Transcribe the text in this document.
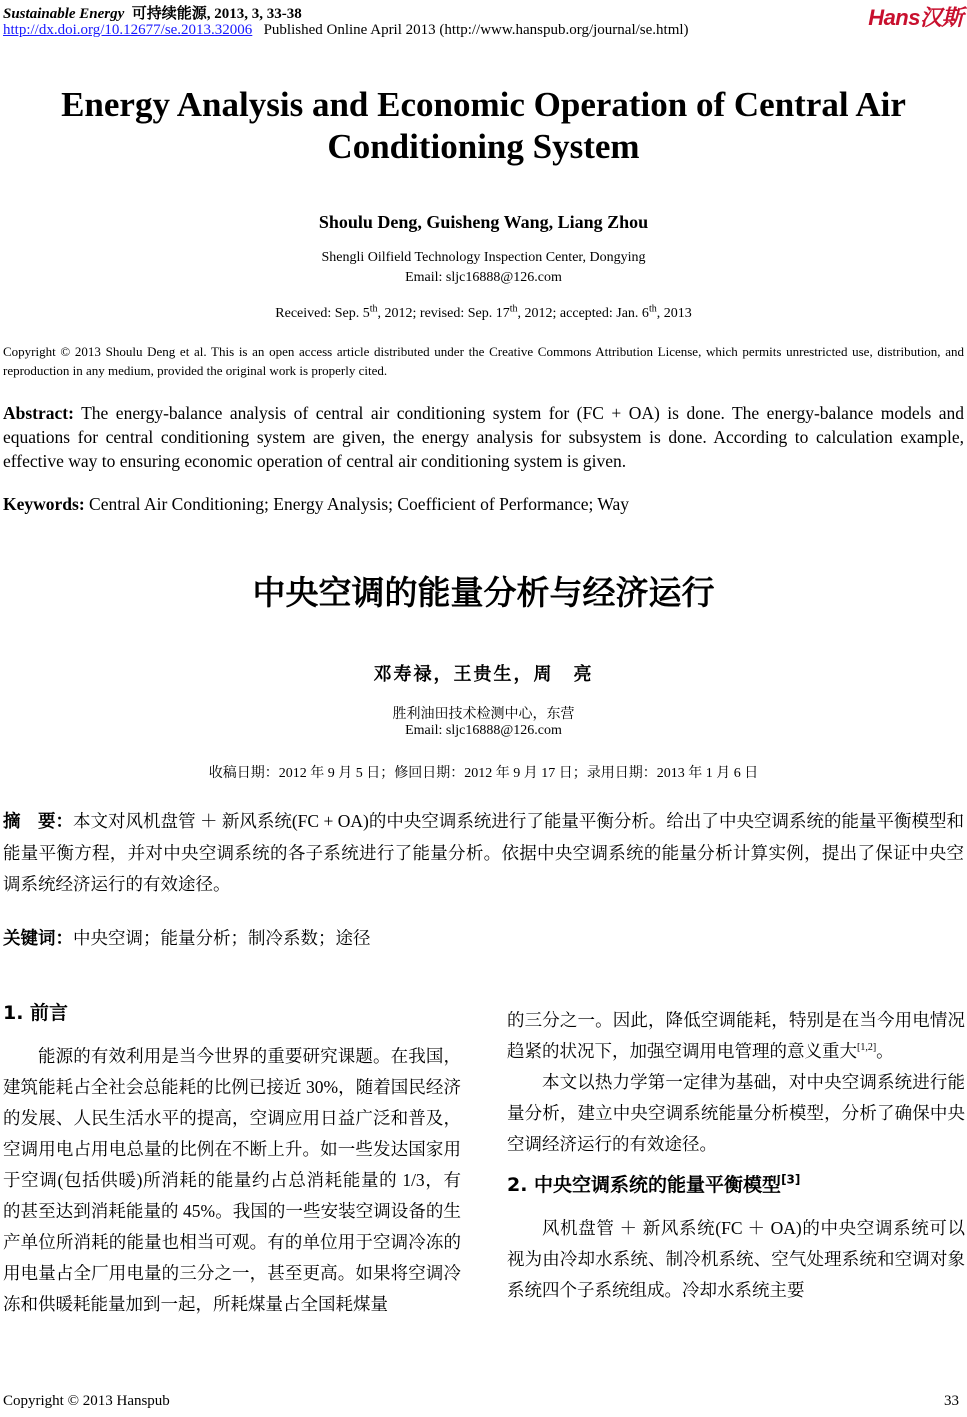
Sustainable Energy 可持续能源, 2013, 3, 33-38
http://dx.doi.org/10.12677/se.2013.32006 Published Online April 2013 (http://www.hanspub.org/journal/se.html)	Hans汉斯
Energy Analysis and Economic Operation of Central Air Conditioning System
Shoulu Deng, Guisheng Wang, Liang Zhou
Shengli Oilfield Technology Inspection Center, Dongying
Email: sljc16888@126.com
Received: Sep. 5th, 2012; revised: Sep. 17th, 2012; accepted: Jan. 6th, 2013
Copyright © 2013 Shoulu Deng et al. This is an open access article distributed under the Creative Commons Attribution License, which permits unrestricted use, distribution, and reproduction in any medium, provided the original work is properly cited.
Abstract: The energy-balance analysis of central air conditioning system for (FC + OA) is done. The energy-balance models and equations for central conditioning system are given, the energy analysis for subsystem is done. According to calculation example, effective way to ensuring economic operation of central air conditioning system is given.
Keywords: Central Air Conditioning; Energy Analysis; Coefficient of Performance; Way
中央空调的能量分析与经济运行
邓寿禄，王贵生，周　亮
胜利油田技术检测中心，东营
Email: sljc16888@126.com
收稿日期：2012 年 9 月 5 日；修回日期：2012 年 9 月 17 日；录用日期：2013 年 1 月 6 日
摘　要：本文对风机盘管 ＋ 新风系统(FC + OA)的中央空调系统进行了能量平衡分析。给出了中央空调系统的能量平衡模型和能量平衡方程，并对中央空调系统的各子系统进行了能量分析。依据中央空调系统的能量分析计算实例，提出了保证中央空调系统经济运行的有效途径。
关键词：中央空调；能量分析；制冷系数；途径
1. 前言

能源的有效利用是当今世界的重要研究课题。在我国，建筑能耗占全社会总能耗的比例已接近 30%，随着国民经济的发展、人民生活水平的提高，空调应用日益广泛和普及，空调用电占用电总量的比例在不断上升。如一些发达国家用于空调(包括供暖)所消耗的能量约占总消耗能量的 1/3，有的甚至达到消耗能量的 45%。我国的一些安装空调设备的生产单位所消耗的能量也相当可观。有的单位用于空调冷冻的用电量占全厂用电量的三分之一，甚至更高。如果将空调冷冻和供暖耗能量加到一起，所耗煤量占全国耗煤量

的三分之一。因此，降低空调能耗，特别是在当今用电情况趋紧的状况下，加强空调用电管理的意义重大[1,2]。

本文以热力学第一定律为基础，对中央空调系统进行能量分析，建立中央空调系统能量分析模型，分析了确保中央空调经济运行的有效途径。

2. 中央空调系统的能量平衡模型[3]

风机盘管 ＋ 新风系统(FC ＋ OA)的中央空调系统可以视为由冷却水系统、制冷机系统、空气处理系统和空调对象系统四个子系统组成。冷却水系统主要

Copyright © 2013 Hanspub	33
